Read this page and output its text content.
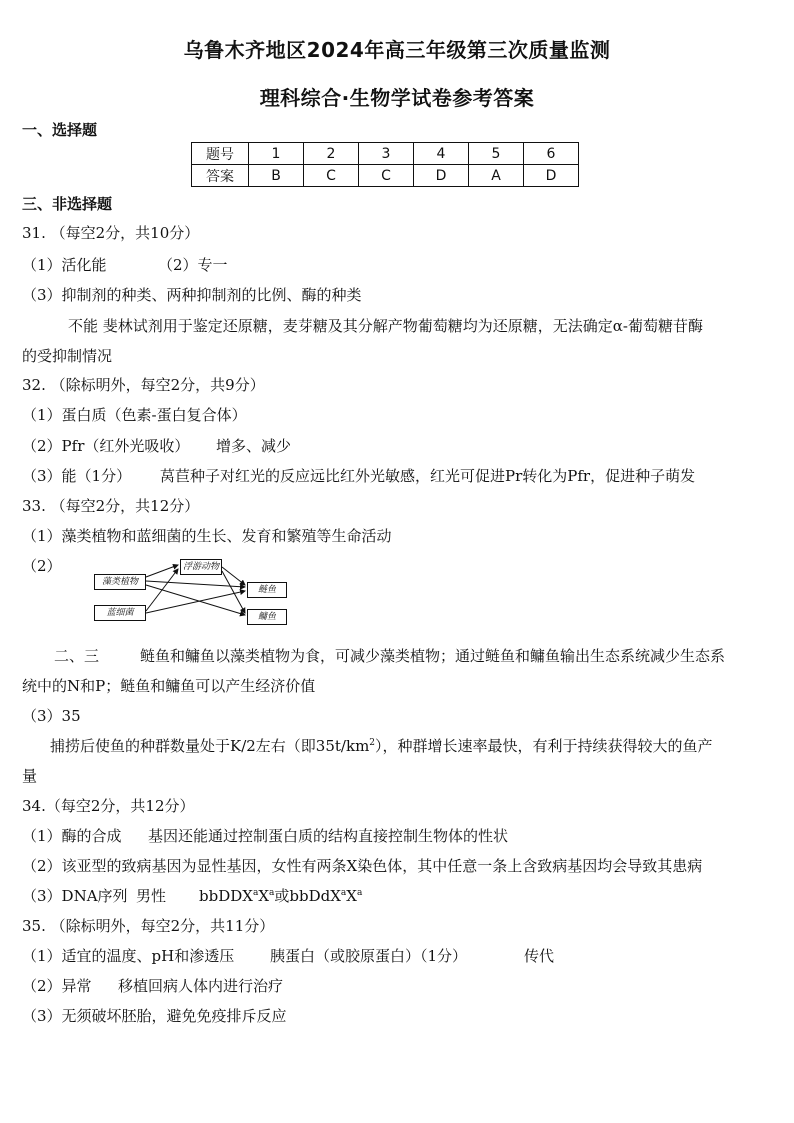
乌鲁木齐地区2024年高三年级第三次质量监测
理科综合·生物学试卷参考答案
一、选择题
题号	1	2	3	4	5	6
答案	B	C	C	D	A	D
三、非选择题
31. （每空2分，共10分）
（1）活化能	（2）专一
（3）抑制剂的种类、两种抑制剂的比例、酶的种类
不能 斐林试剂用于鉴定还原糖，麦芽糖及其分解产物葡萄糖均为还原糖，无法确定α-葡萄糖苷酶
的受抑制情况
32. （除标明外，每空2分，共9分）
（1）蛋白质（色素-蛋白复合体）
（2）Pfr（红外光吸收） 增多、减少
（3）能（1分） 莴苣种子对红光的反应远比红外光敏感，红光可促进Pr转化为Pfr，促进种子萌发
33. （每空2分，共12分）
（1）藻类植物和蓝细菌的生长、发育和繁殖等生命活动
（2）	浮游动物
藻类植物
蓝细菌
鲢鱼
鳙鱼
二、三	鲢鱼和鳙鱼以藻类植物为食，可减少藻类植物；通过鲢鱼和鳙鱼输出生态系统减少生态系
统中的N和P；鲢鱼和鳙鱼可以产生经济价值
（3）35
捕捞后使鱼的种群数量处于K/2左右（即$35t/km^2$），种群增长速率最快，有利于持续获得较大的鱼产
量
34.（每空2分，共12分）
（1）酶的合成 基因还能通过控制蛋白质的结构直接控制生物体的性状
（2）该亚型的致病基因为显性基因，女性有两条X染色体，其中任意一条上含致病基因均会导致其患病
（3）DNA序列 男性 $bbDDX^aX^a$或$bbDdX^aX^a$
35. （除标明外，每空2分，共11分）
（1）适宜的温度、pH和渗透压 胰蛋白（或胶原蛋白）（1分）	传代
（2）异常 移植回病人体内进行治疗
（3）无须破坏胚胎，避免免疫排斥反应
